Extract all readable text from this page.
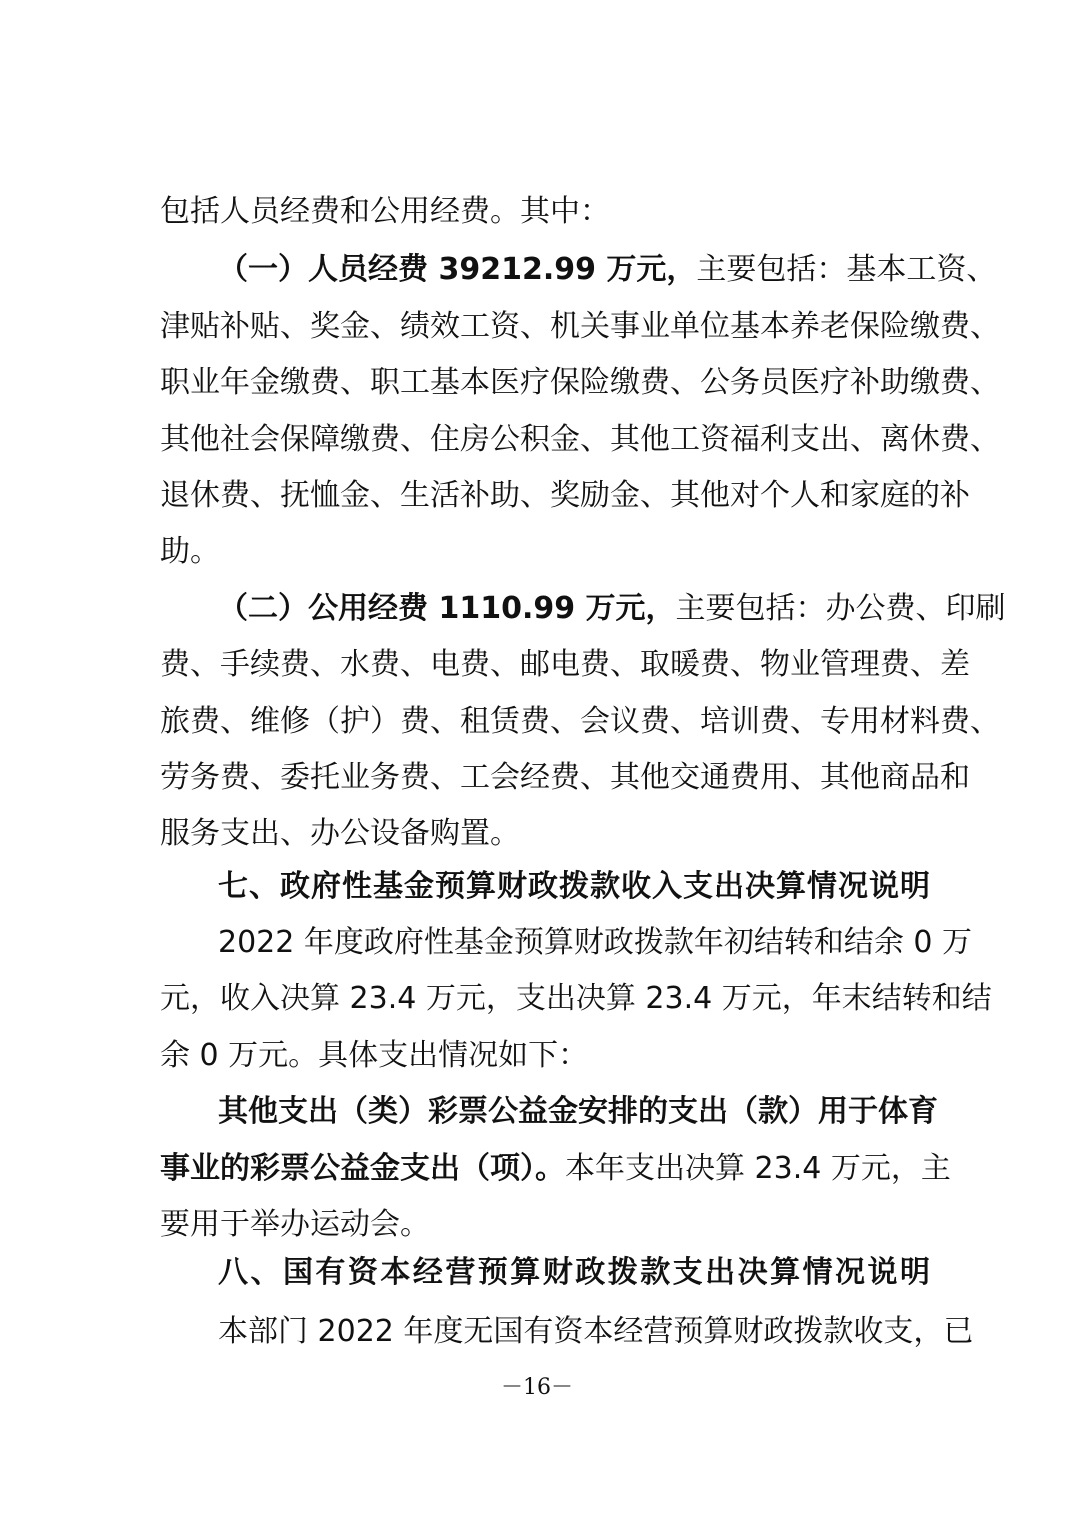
包括人员经费和公用经费。其中：
（一）人员经费 39212.99 万元，主要包括：基本工资、
津贴补贴、奖金、绩效工资、机关事业单位基本养老保险缴费、
职业年金缴费、职工基本医疗保险缴费、公务员医疗补助缴费、
其他社会保障缴费、住房公积金、其他工资福利支出、离休费、
退休费、抚恤金、生活补助、奖励金、其他对个人和家庭的补
助。
（二）公用经费 1110.99 万元，主要包括：办公费、印刷
费、手续费、水费、电费、邮电费、取暖费、物业管理费、差
旅费、维修（护）费、租赁费、会议费、培训费、专用材料费、
劳务费、委托业务费、工会经费、其他交通费用、其他商品和
服务支出、办公设备购置。
七、政府性基金预算财政拨款收入支出决算情况说明
2022 年度政府性基金预算财政拨款年初结转和结余 0 万
元，收入决算 23.4 万元，支出决算 23.4 万元，年末结转和结
余 0 万元。具体支出情况如下：
其他支出（类）彩票公益金安排的支出（款）用于体育
事业的彩票公益金支出（项）。本年支出决算 23.4 万元，主
要用于举办运动会。
八、国有资本经营预算财政拨款支出决算情况说明
本部门 2022 年度无国有资本经营预算财政拨款收支，已
－16－
